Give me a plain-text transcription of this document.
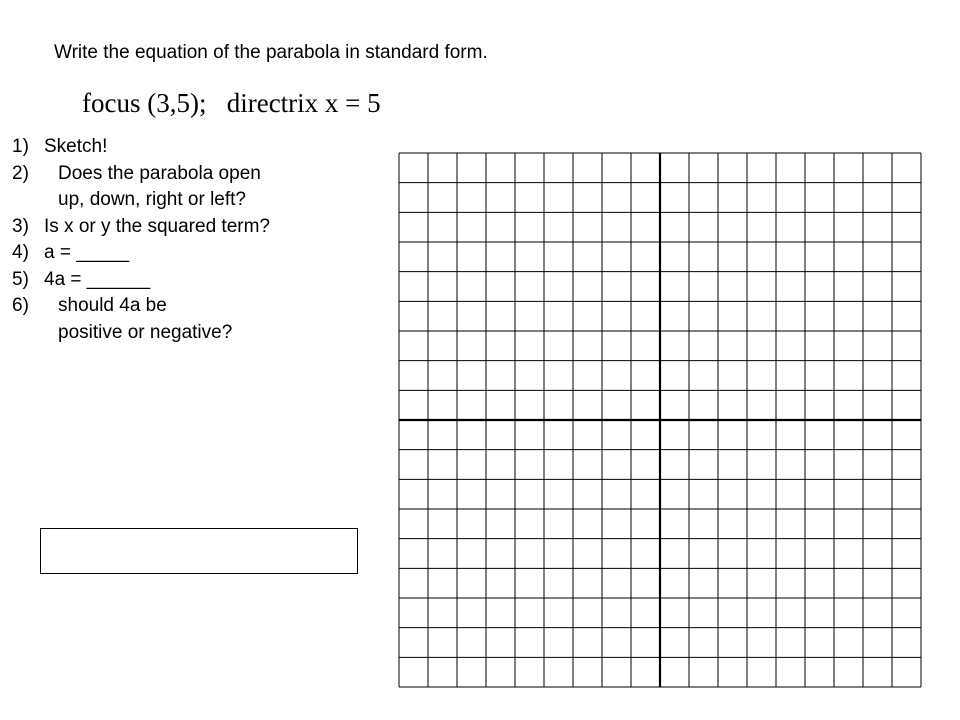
Write the equation of the parabola in standard form.
focus (3,5);   directrix x = 5
1) Sketch!
2) Does the parabola open
up, down, right or left?
3) Is x or y the squared term?
4) a = _____
5) 4a = ______
6) should 4a be
positive or negative?
